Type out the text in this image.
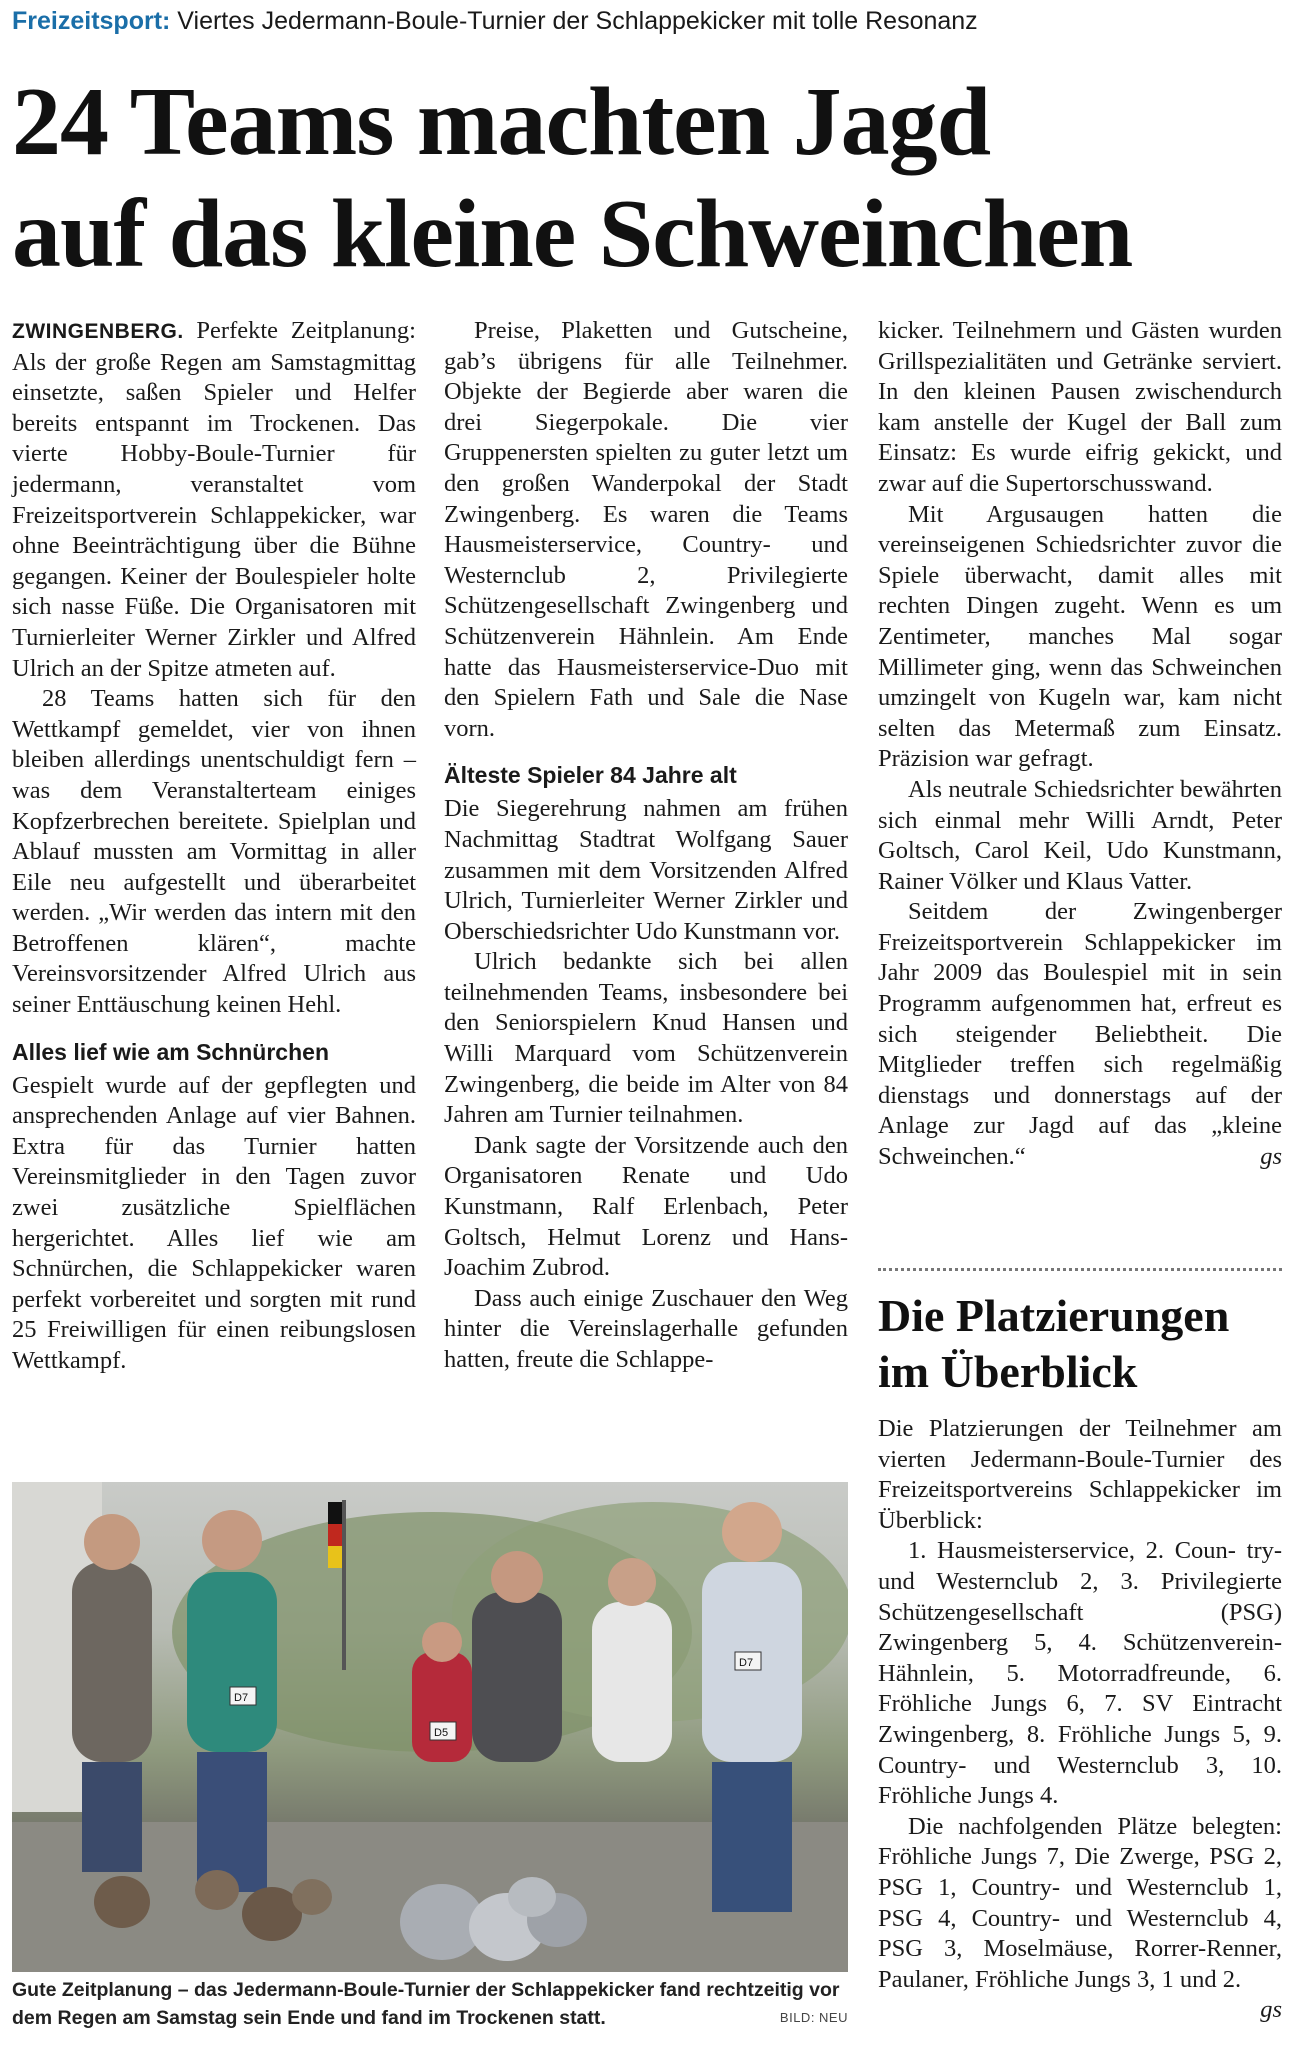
Freizeitsport: Viertes Jedermann-Boule-Turnier der Schlappekicker mit tolle Resonanz
24 Teams machten Jagd
auf das kleine Schweinchen

ZWINGENBERG. Perfekte Zeitplanung: Als der große Regen am Samstagmittag einsetzte, saßen Spieler und Helfer bereits entspannt im Trockenen. Das vierte Hobby-Boule-Turnier für jedermann, veranstaltet vom Freizeitsportverein Schlappekicker, war ohne Beeinträchtigung über die Bühne gegangen. Keiner der Boulespieler holte sich nasse Füße. Die Organisatoren mit Turnierleiter Werner Zirkler und Alfred Ulrich an der Spitze atmeten auf.

28 Teams hatten sich für den Wettkampf gemeldet, vier von ihnen bleiben allerdings unentschuldigt fern – was dem Veranstalterteam einiges Kopfzerbrechen bereitete. Spielplan und Ablauf mussten am Vormittag in aller Eile neu aufgestellt und überarbeitet werden. „Wir werden das intern mit den Betroffenen klären“, machte Vereinsvorsitzender Alfred Ulrich aus seiner Enttäuschung keinen Hehl.

Alles lief wie am Schnürchen

Gespielt wurde auf der gepflegten und ansprechenden Anlage auf vier Bahnen. Extra für das Turnier hatten Vereinsmitglieder in den Tagen zuvor zwei zusätzliche Spielflächen hergerichtet. Alles lief wie am Schnürchen, die Schlappekicker waren perfekt vorbereitet und sorgten mit rund 25 Freiwilligen für einen reibungslosen Wettkampf.

Preise, Plaketten und Gutscheine, gab’s übrigens für alle Teilnehmer. Objekte der Begierde aber waren die drei Siegerpokale. Die vier Gruppenersten spielten zu guter letzt um den großen Wanderpokal der Stadt Zwingenberg. Es waren die Teams Hausmeisterservice, Country- und Westernclub 2, Privilegierte Schützengesellschaft Zwingenberg und Schützenverein Hähnlein. Am Ende hatte das Hausmeisterservice-Duo mit den Spielern Fath und Sale die Nase vorn.

Älteste Spieler 84 Jahre alt

Die Siegerehrung nahmen am frühen Nachmittag Stadtrat Wolfgang Sauer zusammen mit dem Vorsitzenden Alfred Ulrich, Turnierleiter Werner Zirkler und Oberschiedsrichter Udo Kunstmann vor.

Ulrich bedankte sich bei allen teilnehmenden Teams, insbesondere bei den Seniorspielern Knud Hansen und Willi Marquard vom Schützenverein Zwingenberg, die beide im Alter von 84 Jahren am Turnier teilnahmen.

Dank sagte der Vorsitzende auch den Organisatoren Renate und Udo Kunstmann, Ralf Erlenbach, Peter Goltsch, Helmut Lorenz und Hans-Joachim Zubrod.

Dass auch einige Zuschauer den Weg hinter die Vereinslagerhalle gefunden hatten, freute die Schlappe-

kicker. Teilnehmern und Gästen wurden Grillspezialitäten und Getränke serviert. In den kleinen Pausen zwischendurch kam anstelle der Kugel der Ball zum Einsatz: Es wurde eifrig gekickt, und zwar auf die Supertorschusswand.

Mit Argusaugen hatten die vereinseigenen Schiedsrichter zuvor die Spiele überwacht, damit alles mit rechten Dingen zugeht. Wenn es um Zentimeter, manches Mal sogar Millimeter ging, wenn das Schweinchen umzingelt von Kugeln war, kam nicht selten das Metermaß zum Einsatz. Präzision war gefragt.

Als neutrale Schiedsrichter bewährten sich einmal mehr Willi Arndt, Peter Goltsch, Carol Keil, Udo Kunstmann, Rainer Völker und Klaus Vatter.

Seitdem der Zwingenberger Freizeitsportverein Schlappekicker im Jahr 2009 das Boulespiel mit in sein Programm aufgenommen hat, erfreut es sich steigender Beliebtheit. Die Mitglieder treffen sich regelmäßig dienstags und donnerstags auf der Anlage zur Jagd auf das „kleine Schweinchen.“	gs

Die Platzierungen
im Überblick

Die Platzierungen der Teilnehmer am vierten Jedermann-Boule-Turnier des Freizeitsportvereins Schlappekicker im Überblick:

1. Hausmeisterservice, 2. Coun- try- und Westernclub 2, 3. Privilegierte Schützengesellschaft (PSG) Zwingenberg 5, 4. Schützenverein-Hähnlein, 5. Motorradfreunde, 6. Fröhliche Jungs 6, 7. SV Eintracht Zwingenberg, 8. Fröhliche Jungs 5, 9. Country- und Westernclub 3, 10. Fröhliche Jungs 4.

Die nachfolgenden Plätze belegten: Fröhliche Jungs 7, Die Zwerge, PSG 2, PSG 1, Country- und Westernclub 1, PSG 4, Country- und Westernclub 4, PSG 3, Moselmäuse, Rorrer-Renner, Paulaner, Fröhliche Jungs 3, 1 und 2.
gs

D7
D7
D5
Gute Zeitplanung – das Jedermann-Boule-Turnier der Schlappekicker fand rechtzeitig vor dem Regen am Samstag sein Ende und fand im Trockenen statt.	BILD: NEU
